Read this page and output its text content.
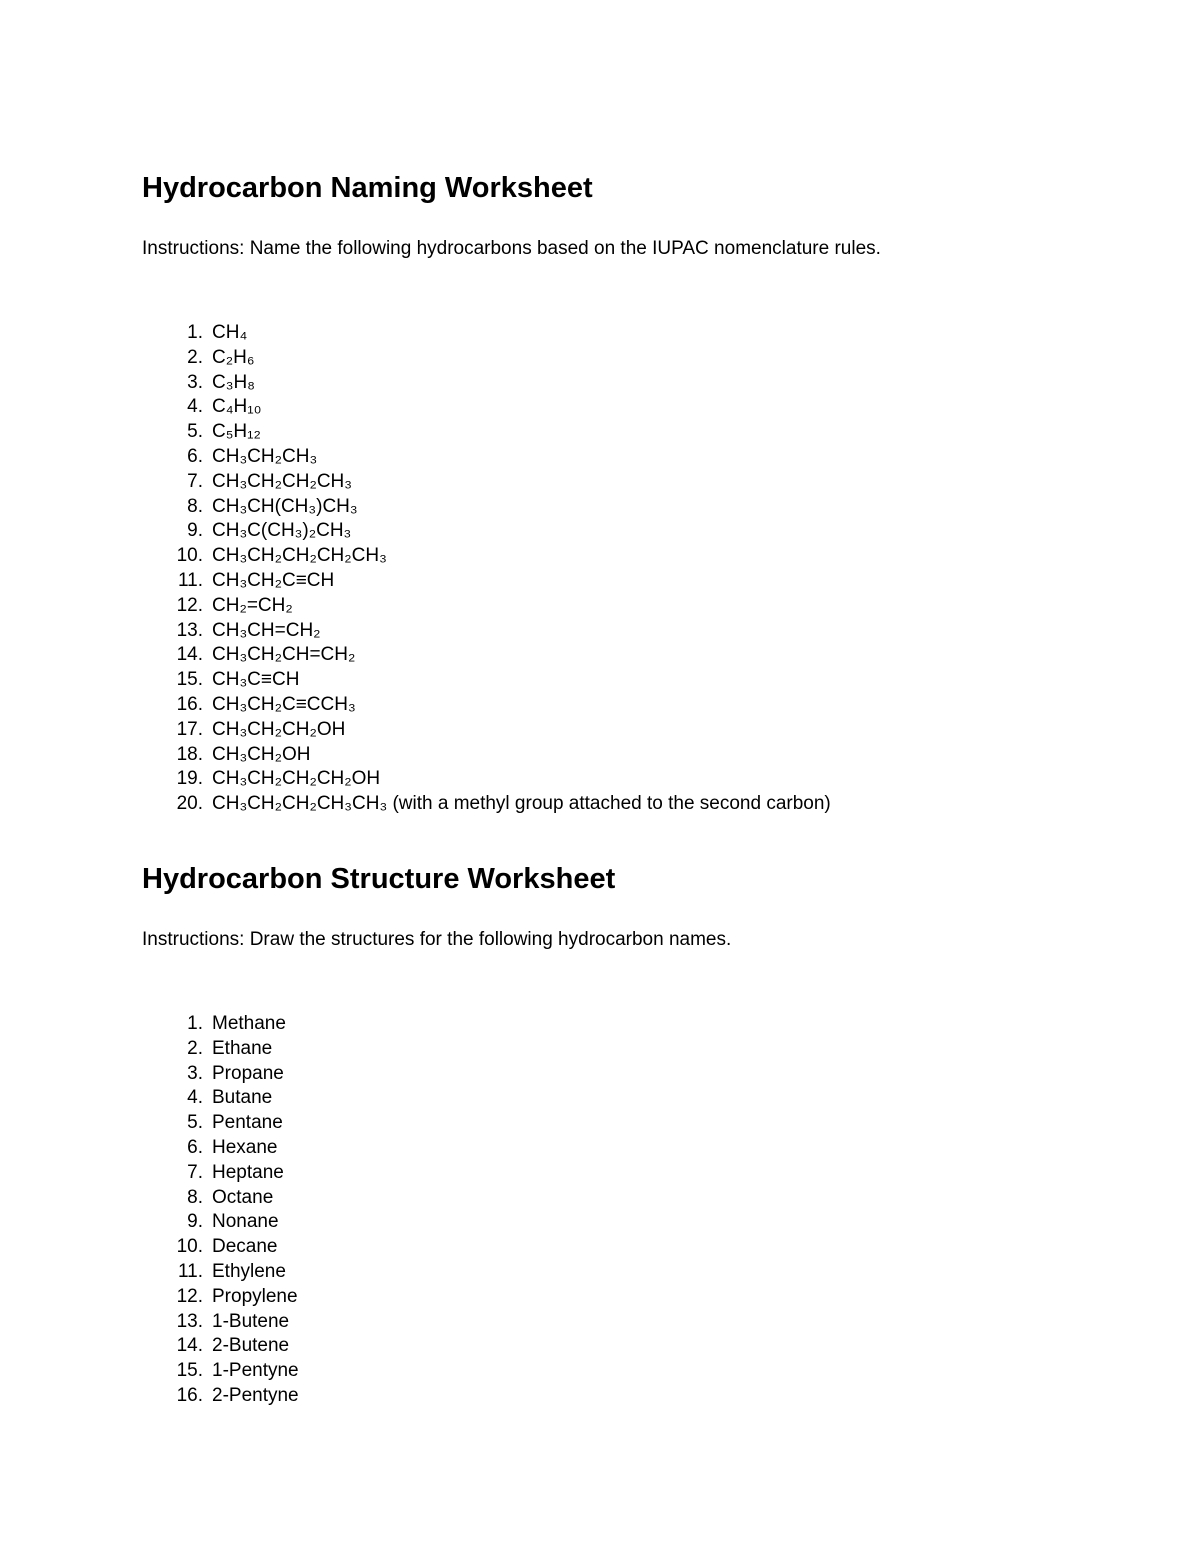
Hydrocarbon Naming Worksheet

Instructions: Name the following hydrocarbons based on the IUPAC nomenclature rules.

1. CH₄
2. C₂H₆
3. C₃H₈
4. C₄H₁₀
5. C₅H₁₂
6. CH₃CH₂CH₃
7. CH₃CH₂CH₂CH₃
8. CH₃CH(CH₃)CH₃
9. CH₃C(CH₃)₂CH₃
10. CH₃CH₂CH₂CH₂CH₃
11. CH₃CH₂C≡CH
12. CH₂=CH₂
13. CH₃CH=CH₂
14. CH₃CH₂CH=CH₂
15. CH₃C≡CH
16. CH₃CH₂C≡CCH₃
17. CH₃CH₂CH₂OH
18. CH₃CH₂OH
19. CH₃CH₂CH₂CH₂OH
20. CH₃CH₂CH₂CH₃CH₃ (with a methyl group attached to the second carbon)
Hydrocarbon Structure Worksheet

Instructions: Draw the structures for the following hydrocarbon names.

1. Methane
2. Ethane
3. Propane
4. Butane
5. Pentane
6. Hexane
7. Heptane
8. Octane
9. Nonane
10. Decane
11. Ethylene
12. Propylene
13. 1-Butene
14. 2-Butene
15. 1-Pentyne
16. 2-Pentyne
